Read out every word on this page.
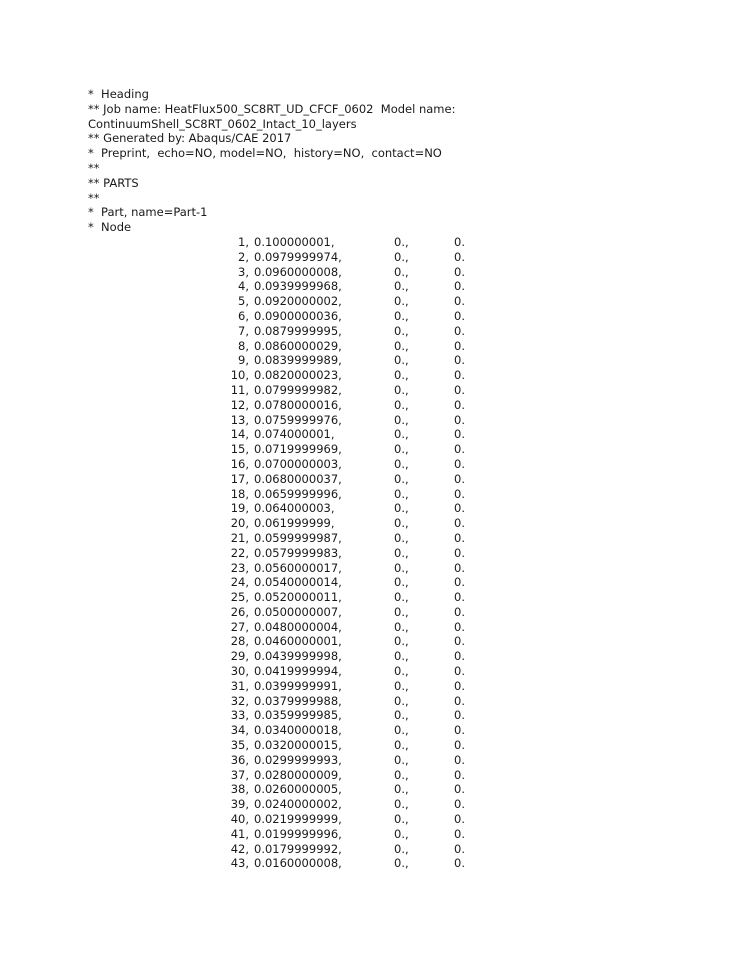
*  Heading
** Job name: HeatFlux500_SC8RT_UD_CFCF_0602  Model name:
ContinuumShell_SC8RT_0602_Intact_10_layers
** Generated by: Abaqus/CAE 2017
*  Preprint,  echo=NO, model=NO,  history=NO,  contact=NO
**
** PARTS
**
*  Part, name=Part-1
*  Node
1, 0.100000001,	0.,	0.
2, 0.0979999974,	0.,	0.
3, 0.0960000008,	0.,	0.
4, 0.0939999968,	0.,	0.
5, 0.0920000002,	0.,	0.
6, 0.0900000036,	0.,	0.
7, 0.0879999995,	0.,	0.
8, 0.0860000029,	0.,	0.
9, 0.0839999989,	0.,	0.
10, 0.0820000023,	0.,	0.
11, 0.0799999982,	0.,	0.
12, 0.0780000016,	0.,	0.
13, 0.0759999976,	0.,	0.
14, 0.074000001,	0.,	0.
15, 0.0719999969,	0.,	0.
16, 0.0700000003,	0.,	0.
17, 0.0680000037,	0.,	0.
18, 0.0659999996,	0.,	0.
19, 0.064000003,	0.,	0.
20, 0.061999999,	0.,	0.
21, 0.0599999987,	0.,	0.
22, 0.0579999983,	0.,	0.
23, 0.0560000017,	0.,	0.
24, 0.0540000014,	0.,	0.
25, 0.0520000011,	0.,	0.
26, 0.0500000007,	0.,	0.
27, 0.0480000004,	0.,	0.
28, 0.0460000001,	0.,	0.
29, 0.0439999998,	0.,	0.
30, 0.0419999994,	0.,	0.
31, 0.0399999991,	0.,	0.
32, 0.0379999988,	0.,	0.
33, 0.0359999985,	0.,	0.
34, 0.0340000018,	0.,	0.
35, 0.0320000015,	0.,	0.
36, 0.0299999993,	0.,	0.
37, 0.0280000009,	0.,	0.
38, 0.0260000005,	0.,	0.
39, 0.0240000002,	0.,	0.
40, 0.0219999999,	0.,	0.
41, 0.0199999996,	0.,	0.
42, 0.0179999992,	0.,	0.
43, 0.0160000008,	0.,	0.
